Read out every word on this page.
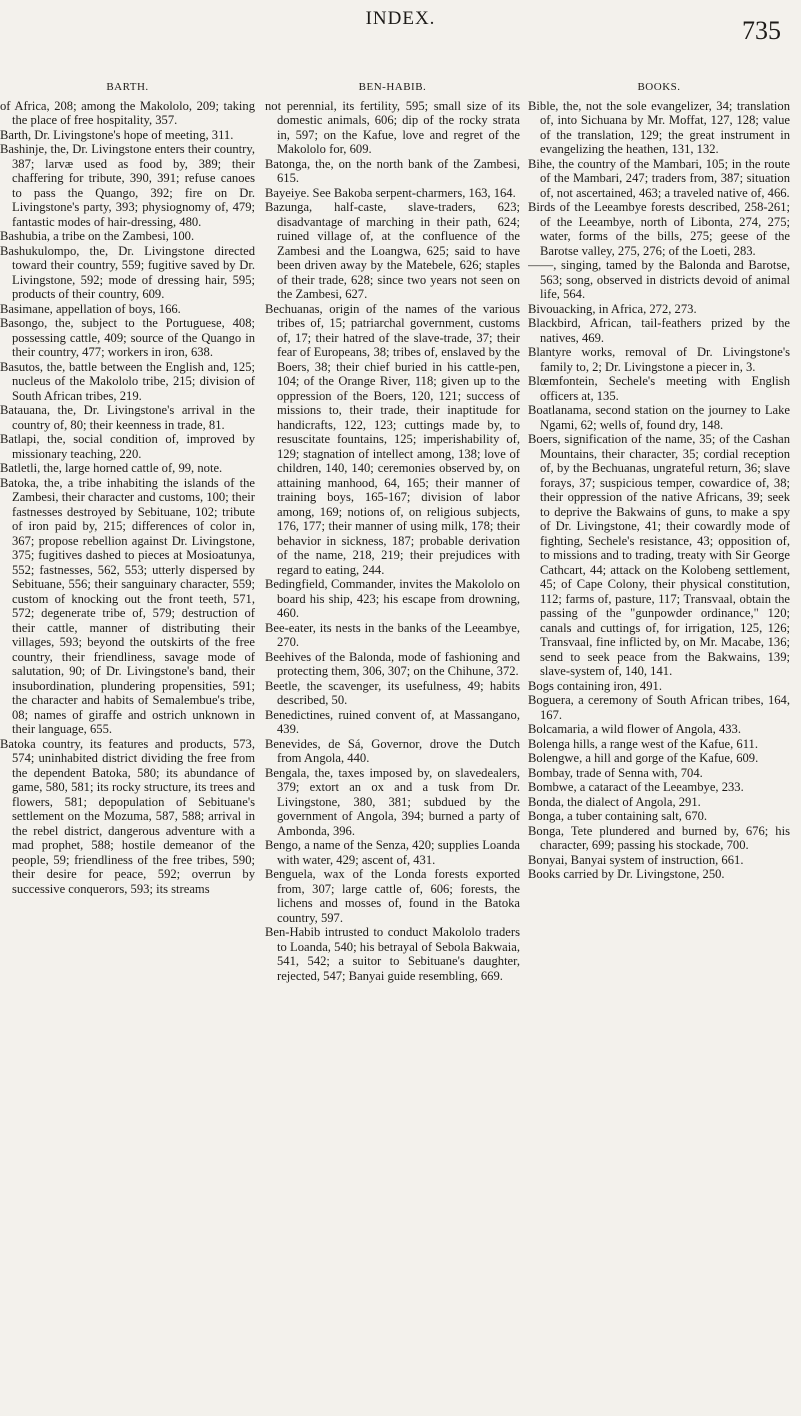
INDEX.	735
BARTH.

of Africa, 208; among the Makololo, 209; taking the place of free hospitality, 357.

Barth, Dr. Livingstone's hope of meeting, 311.

Bashinje, the, Dr. Livingstone enters their country, 387; larvæ used as food by, 389; their chaffering for tribute, 390, 391; refuse canoes to pass the Quango, 392; fire on Dr. Livingstone's party, 393; physiognomy of, 479; fantastic modes of hair-dressing, 480.

Bashubia, a tribe on the Zambesi, 100.

Bashukulompo, the, Dr. Livingstone directed toward their country, 559; fugitive saved by Dr. Livingstone, 592; mode of dressing hair, 595; products of their country, 609.

Basimane, appellation of boys, 166.

Basongo, the, subject to the Portuguese, 408; possessing cattle, 409; source of the Quango in their country, 477; workers in iron, 638.

Basutos, the, battle between the English and, 125; nucleus of the Makololo tribe, 215; division of South African tribes, 219.

Batauana, the, Dr. Livingstone's arrival in the country of, 80; their keenness in trade, 81.

Batlapi, the, social condition of, improved by missionary teaching, 220.

Batletli, the, large horned cattle of, 99, note.

Batoka, the, a tribe inhabiting the islands of the Zambesi, their character and customs, 100; their fastnesses destroyed by Sebituane, 102; tribute of iron paid by, 215; differences of color in, 367; propose rebellion against Dr. Livingstone, 375; fugitives dashed to pieces at Mosioatunya, 552; fastnesses, 562, 553; utterly dispersed by Sebituane, 556; their sanguinary character, 559; custom of knocking out the front teeth, 571, 572; degenerate tribe of, 579; destruction of their cattle, manner of distributing their villages, 593; beyond the outskirts of the free country, their friendliness, savage mode of salutation, 90; of Dr. Livingstone's band, their insubordination, plundering propensities, 591; the character and habits of Semalembue's tribe, 08; names of giraffe and ostrich unknown in their language, 655.

Batoka country, its features and products, 573, 574; uninhabited district dividing the free from the dependent Batoka, 580; its abundance of game, 580, 581; its rocky structure, its trees and flowers, 581; depopulation of Sebituane's settlement on the Mozuma, 587, 588; arrival in the rebel district, dangerous adventure with a mad prophet, 588; hostile demeanor of the people, 59; friendliness of the free tribes, 590; their desire for peace, 592; overrun by successive conquerors, 593; its streams

BEN-HABIB.

not perennial, its fertility, 595; small size of its domestic animals, 606; dip of the rocky strata in, 597; on the Kafue, love and regret of the Makololo for, 609.

Batonga, the, on the north bank of the Zambesi, 615.

Bayeiye. See Bakoba serpent-charmers, 163, 164.

Bazunga, half-caste, slave-traders, 623; disadvantage of marching in their path, 624; ruined village of, at the confluence of the Zambesi and the Loangwa, 625; said to have been driven away by the Matebele, 626; staples of their trade, 628; since two years not seen on the Zambesi, 627.

Bechuanas, origin of the names of the various tribes of, 15; patriarchal government, customs of, 17; their hatred of the slave-trade, 37; their fear of Europeans, 38; tribes of, enslaved by the Boers, 38; their chief buried in his cattle-pen, 104; of the Orange River, 118; given up to the oppression of the Boers, 120, 121; success of missions to, their trade, their inaptitude for handicrafts, 122, 123; cuttings made by, to resuscitate fountains, 125; imperishability of, 129; stagnation of intellect among, 138; love of children, 140, 140; ceremonies observed by, on attaining manhood, 64, 165; their manner of training boys, 165-167; division of labor among, 169; notions of, on religious subjects, 176, 177; their manner of using milk, 178; their behavior in sickness, 187; probable derivation of the name, 218, 219; their prejudices with regard to eating, 244.

Bedingfield, Commander, invites the Makololo on board his ship, 423; his escape from drowning, 460.

Bee-eater, its nests in the banks of the Leeambye, 270.

Beehives of the Balonda, mode of fashioning and protecting them, 306, 307; on the Chihune, 372.

Beetle, the scavenger, its usefulness, 49; habits described, 50.

Benedictines, ruined convent of, at Massangano, 439.

Benevides, de Sá, Governor, drove the Dutch from Angola, 440.

Bengala, the, taxes imposed by, on slavedealers, 379; extort an ox and a tusk from Dr. Livingstone, 380, 381; subdued by the government of Angola, 394; burned a party of Ambonda, 396.

Bengo, a name of the Senza, 420; supplies Loanda with water, 429; ascent of, 431.

Benguela, wax of the Londa forests exported from, 307; large cattle of, 606; forests, the lichens and mosses of, found in the Batoka country, 597.

Ben-Habib intrusted to conduct Makololo traders to Loanda, 540; his betrayal of Sebola Bakwaia, 541, 542; a suitor to Sebituane's daughter, rejected, 547; Banyai guide resembling, 669.

BOOKS.

Bible, the, not the sole evangelizer, 34; translation of, into Sichuana by Mr. Moffat, 127, 128; value of the translation, 129; the great instrument in evangelizing the heathen, 131, 132.

Bihe, the country of the Mambari, 105; in the route of the Mambari, 247; traders from, 387; situation of, not ascertained, 463; a traveled native of, 466.

Birds of the Leeambye forests described, 258-261; of the Leeambye, north of Libonta, 274, 275; water, forms of the bills, 275; geese of the Barotse valley, 275, 276; of the Loeti, 283.

——, singing, tamed by the Balonda and Barotse, 563; song, observed in districts devoid of animal life, 564.

Bivouacking, in Africa, 272, 273.

Blackbird, African, tail-feathers prized by the natives, 469.

Blantyre works, removal of Dr. Livingstone's family to, 2; Dr. Livingstone a piecer in, 3.

Blœmfontein, Sechele's meeting with English officers at, 135.

Boatlanama, second station on the journey to Lake Ngami, 62; wells of, found dry, 148.

Boers, signification of the name, 35; of the Cashan Mountains, their character, 35; cordial reception of, by the Bechuanas, ungrateful return, 36; slave forays, 37; suspicious temper, cowardice of, 38; their oppression of the native Africans, 39; seek to deprive the Bakwains of guns, to make a spy of Dr. Livingstone, 41; their cowardly mode of fighting, Sechele's resistance, 43; opposition of, to missions and to trading, treaty with Sir George Cathcart, 44; attack on the Kolobeng settlement, 45; of Cape Colony, their physical constitution, 112; farms of, pasture, 117; Transvaal, obtain the passing of the "gunpowder ordinance," 120; canals and cuttings of, for irrigation, 125, 126; Transvaal, fine inflicted by, on Mr. Macabe, 136; send to seek peace from the Bakwains, 139; slave-system of, 140, 141.

Bogs containing iron, 491.

Boguera, a ceremony of South African tribes, 164, 167.

Bolcamaria, a wild flower of Angola, 433.

Bolenga hills, a range west of the Kafue, 611.

Bolengwe, a hill and gorge of the Kafue, 609.

Bombay, trade of Senna with, 704.

Bombwe, a cataract of the Leeambye, 233.

Bonda, the dialect of Angola, 291.

Bonga, a tuber containing salt, 670.

Bonga, Tete plundered and burned by, 676; his character, 699; passing his stockade, 700.

Bonyai, Banyai system of instruction, 661.

Books carried by Dr. Livingstone, 250.
